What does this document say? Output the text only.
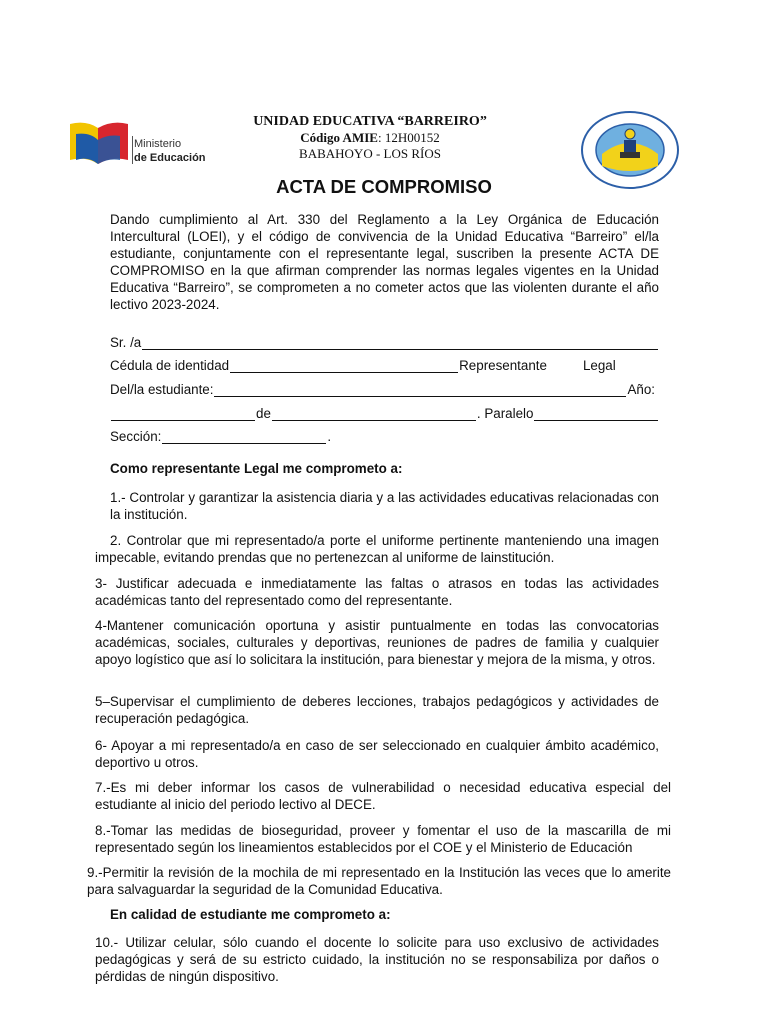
Ministerio
de Educación
UNIDAD EDUCATIVA “BARREIRO”
Código AMIE: 12H00152
BABAHOYO - LOS RÍOS
ACTA DE COMPROMISO
Dando cumplimiento al Art. 330 del Reglamento a la Ley Orgánica de Educación Intercultural (LOEI), y el código de convivencia de la Unidad Educativa “Barreiro” el/la estudiante, conjuntamente con el representante legal, suscriben la presente ACTA DE COMPROMISO en la que afirman comprender las normas legales vigentes en la Unidad Educativa “Barreiro”, se comprometen a no cometer actos que las violenten durante el año lectivo 2023-2024.
Sr. /a
Cédula de identidad	Representante	Legal
Del/la estudiante:	Año:
de	. Paralelo
Sección:	.
Como representante Legal me comprometo a:
1.- Controlar y garantizar la asistencia diaria y a las actividades educativas relacionadas con la institución.
2. Controlar que mi representado/a porte el uniforme pertinente manteniendo una imagen impecable, evitando prendas que no pertenezcan al uniforme de lainstitución.
3- Justificar adecuada e inmediatamente las faltas o atrasos en todas las actividades académicas tanto del representado como del representante.
4-Mantener comunicación oportuna y asistir puntualmente en todas las convocatorias académicas, sociales, culturales y deportivas, reuniones de padres de familia y cualquier apoyo logístico que así lo solicitara la institución, para bienestar y mejora de la misma, y otros.
5–Supervisar el cumplimiento de deberes lecciones, trabajos pedagógicos y actividades de recuperación pedagógica.
6- Apoyar a mi representado/a en caso de ser seleccionado en cualquier ámbito académico, deportivo u otros.
7.-Es mi deber informar los casos de vulnerabilidad o necesidad educativa especial del estudiante al inicio del periodo lectivo al DECE.
8.-Tomar las medidas de bioseguridad, proveer y fomentar el uso de la mascarilla de mi representado según los lineamientos establecidos por el COE y el Ministerio de Educación
9.-Permitir la revisión de la mochila de mi representado en la Institución las veces que lo amerite para salvaguardar la seguridad de la Comunidad Educativa.
En calidad de estudiante me comprometo a:
10.- Utilizar celular, sólo cuando el docente lo solicite para uso exclusivo de actividades pedagógicas y será de su estricto cuidado, la institución no se responsabiliza por daños o pérdidas de ningún dispositivo.
